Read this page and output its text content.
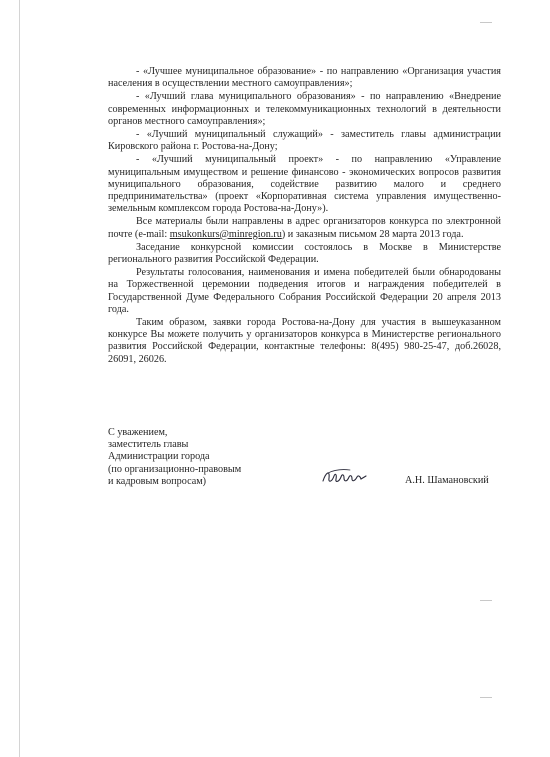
- «Лучшее муниципальное образование» - по направлению «Организация участия населения в осуществлении местного самоуправления»;

- «Лучший глава муниципального образования» - по направлению «Внедрение современных информационных и телекоммуникационных технологий в деятельности органов местного самоуправления»;

- «Лучший муниципальный служащий» - заместитель главы администрации Кировского района г. Ростова-на-Дону;

- «Лучший муниципальный проект» - по направлению «Управление муниципальным имуществом и решение финансово - экономических вопросов развития муниципального образования, содействие развитию малого и среднего предпринимательства» (проект «Корпоративная система управления имущественно-земельным комплексом города Ростова-на-Дону»).

Все материалы были направлены в адрес организаторов конкурса по электронной почте (e-mail: msukonkurs@minregion.ru) и заказным письмом 28 марта 2013 года.

Заседание конкурсной комиссии состоялось в Москве в Министерстве регионального развития Российской Федерации.

Результаты голосования, наименования и имена победителей были обнародованы на Торжественной церемонии подведения итогов и награждения победителей в Государственной Думе Федерального Собрания Российской Федерации 20 апреля 2013 года.

Таким образом, заявки города Ростова-на-Дону для участия в вышеуказанном конкурсе Вы можете получить у организаторов конкурса в Министерстве регионального развития Российской Федерации, контактные телефоны: 8(495) 980-25-47, доб.26028, 26091, 26026.

С уважением,
заместитель главы
Администрации города
(по организационно-правовым
и кадровым вопросам)	А.Н. Шамановский
